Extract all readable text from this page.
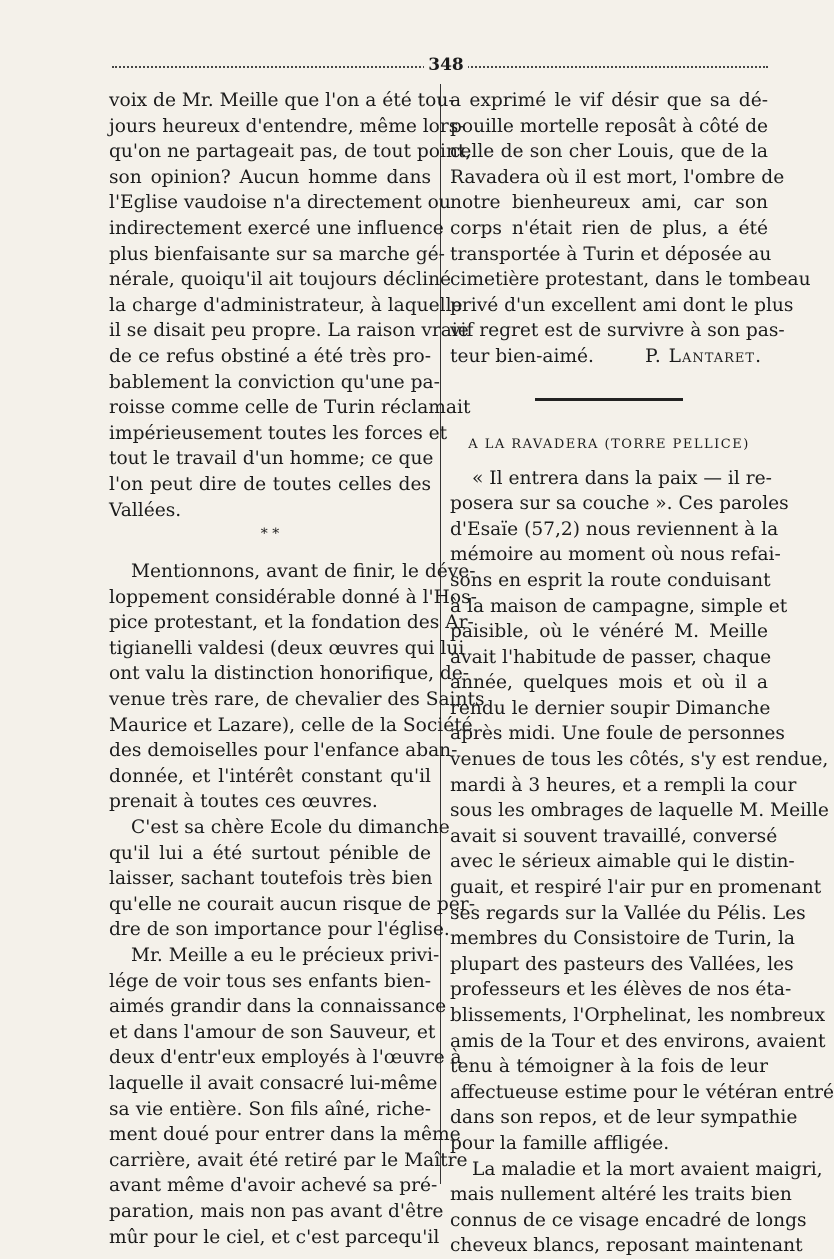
348
voix de Mr. Meille que l'on a été tou-
jours heureux d'entendre, même lors-
qu'on ne partageait pas, de tout point,
son opinion? Aucun homme dans
l'Eglise vaudoise n'a directement ou
indirectement exercé une influence
plus bienfaisante sur sa marche gé-
nérale, quoiqu'il ait toujours décliné
la charge d'administrateur, à laquelle
il se disait peu propre. La raison vraie
de ce refus obstiné a été très pro-
bablement la conviction qu'une pa-
roisse comme celle de Turin réclamait
impérieusement toutes les forces et
tout le travail d'un homme; ce que
l'on peut dire de toutes celles des
Vallées.
* *
Mentionnons, avant de finir, le déve-
loppement considérable donné à l'Hos-
pice protestant, et la fondation des Ar-
tigianelli valdesi (deux œuvres qui lui
ont valu la distinction honorifique, de-
venue très rare, de chevalier des Saints
Maurice et Lazare), celle de la Société
des demoiselles pour l'enfance aban-
donnée, et l'intérêt constant qu'il
prenait à toutes ces œuvres.
C'est sa chère Ecole du dimanche
qu'il lui a été surtout pénible de
laisser, sachant toutefois très bien
qu'elle ne courait aucun risque de per-
dre de son importance pour l'église.
Mr. Meille a eu le précieux privi-
lége de voir tous ses enfants bien-
aimés grandir dans la connaissance
et dans l'amour de son Sauveur, et
deux d'entr'eux employés à l'œuvre à
laquelle il avait consacré lui-même
sa vie entière. Son fils aîné, riche-
ment doué pour entrer dans la même
carrière, avait été retiré par le Maître
avant même d'avoir achevé sa pré-
paration, mais non pas avant d'être
mûr pour le ciel, et c'est parcequ'il
a exprimé le vif désir que sa dé-
pouille mortelle reposât à côté de
celle de son cher Louis, que de la
Ravadera où il est mort, l'ombre de
notre bienheureux ami, car son
corps n'était rien de plus, a été
transportée à Turin et déposée au
cimetière protestant, dans le tombeau
privé d'un excellent ami dont le plus
vif regret est de survivre à son pas-
teur bien-aimé.	P. Lantaret.
A LA RAVADERA (TORRE PELLICE)
« Il entrera dans la paix — il re-
posera sur sa couche ». Ces paroles
d'Esaïe (57,2) nous reviennent à la
mémoire au moment où nous refai-
sons en esprit la route conduisant
à la maison de campagne, simple et
paisible, où le vénéré M. Meille
avait l'habitude de passer, chaque
année, quelques mois et où il a
rendu le dernier soupir Dimanche
après midi. Une foule de personnes
venues de tous les côtés, s'y est rendue,
mardi à 3 heures, et a rempli la cour
sous les ombrages de laquelle M. Meille
avait si souvent travaillé, conversé
avec le sérieux aimable qui le distin-
guait, et respiré l'air pur en promenant
ses regards sur la Vallée du Pélis. Les
membres du Consistoire de Turin, la
plupart des pasteurs des Vallées, les
professeurs et les élèves de nos éta-
blissements, l'Orphelinat, les nombreux
amis de la Tour et des environs, avaient
tenu à témoigner à la fois de leur
affectueuse estime pour le vétéran entré
dans son repos, et de leur sympathie
pour la famille affligée.
La maladie et la mort avaient maigri,
mais nullement altéré les traits bien
connus de ce visage encadré de longs
cheveux blancs, reposant maintenant
